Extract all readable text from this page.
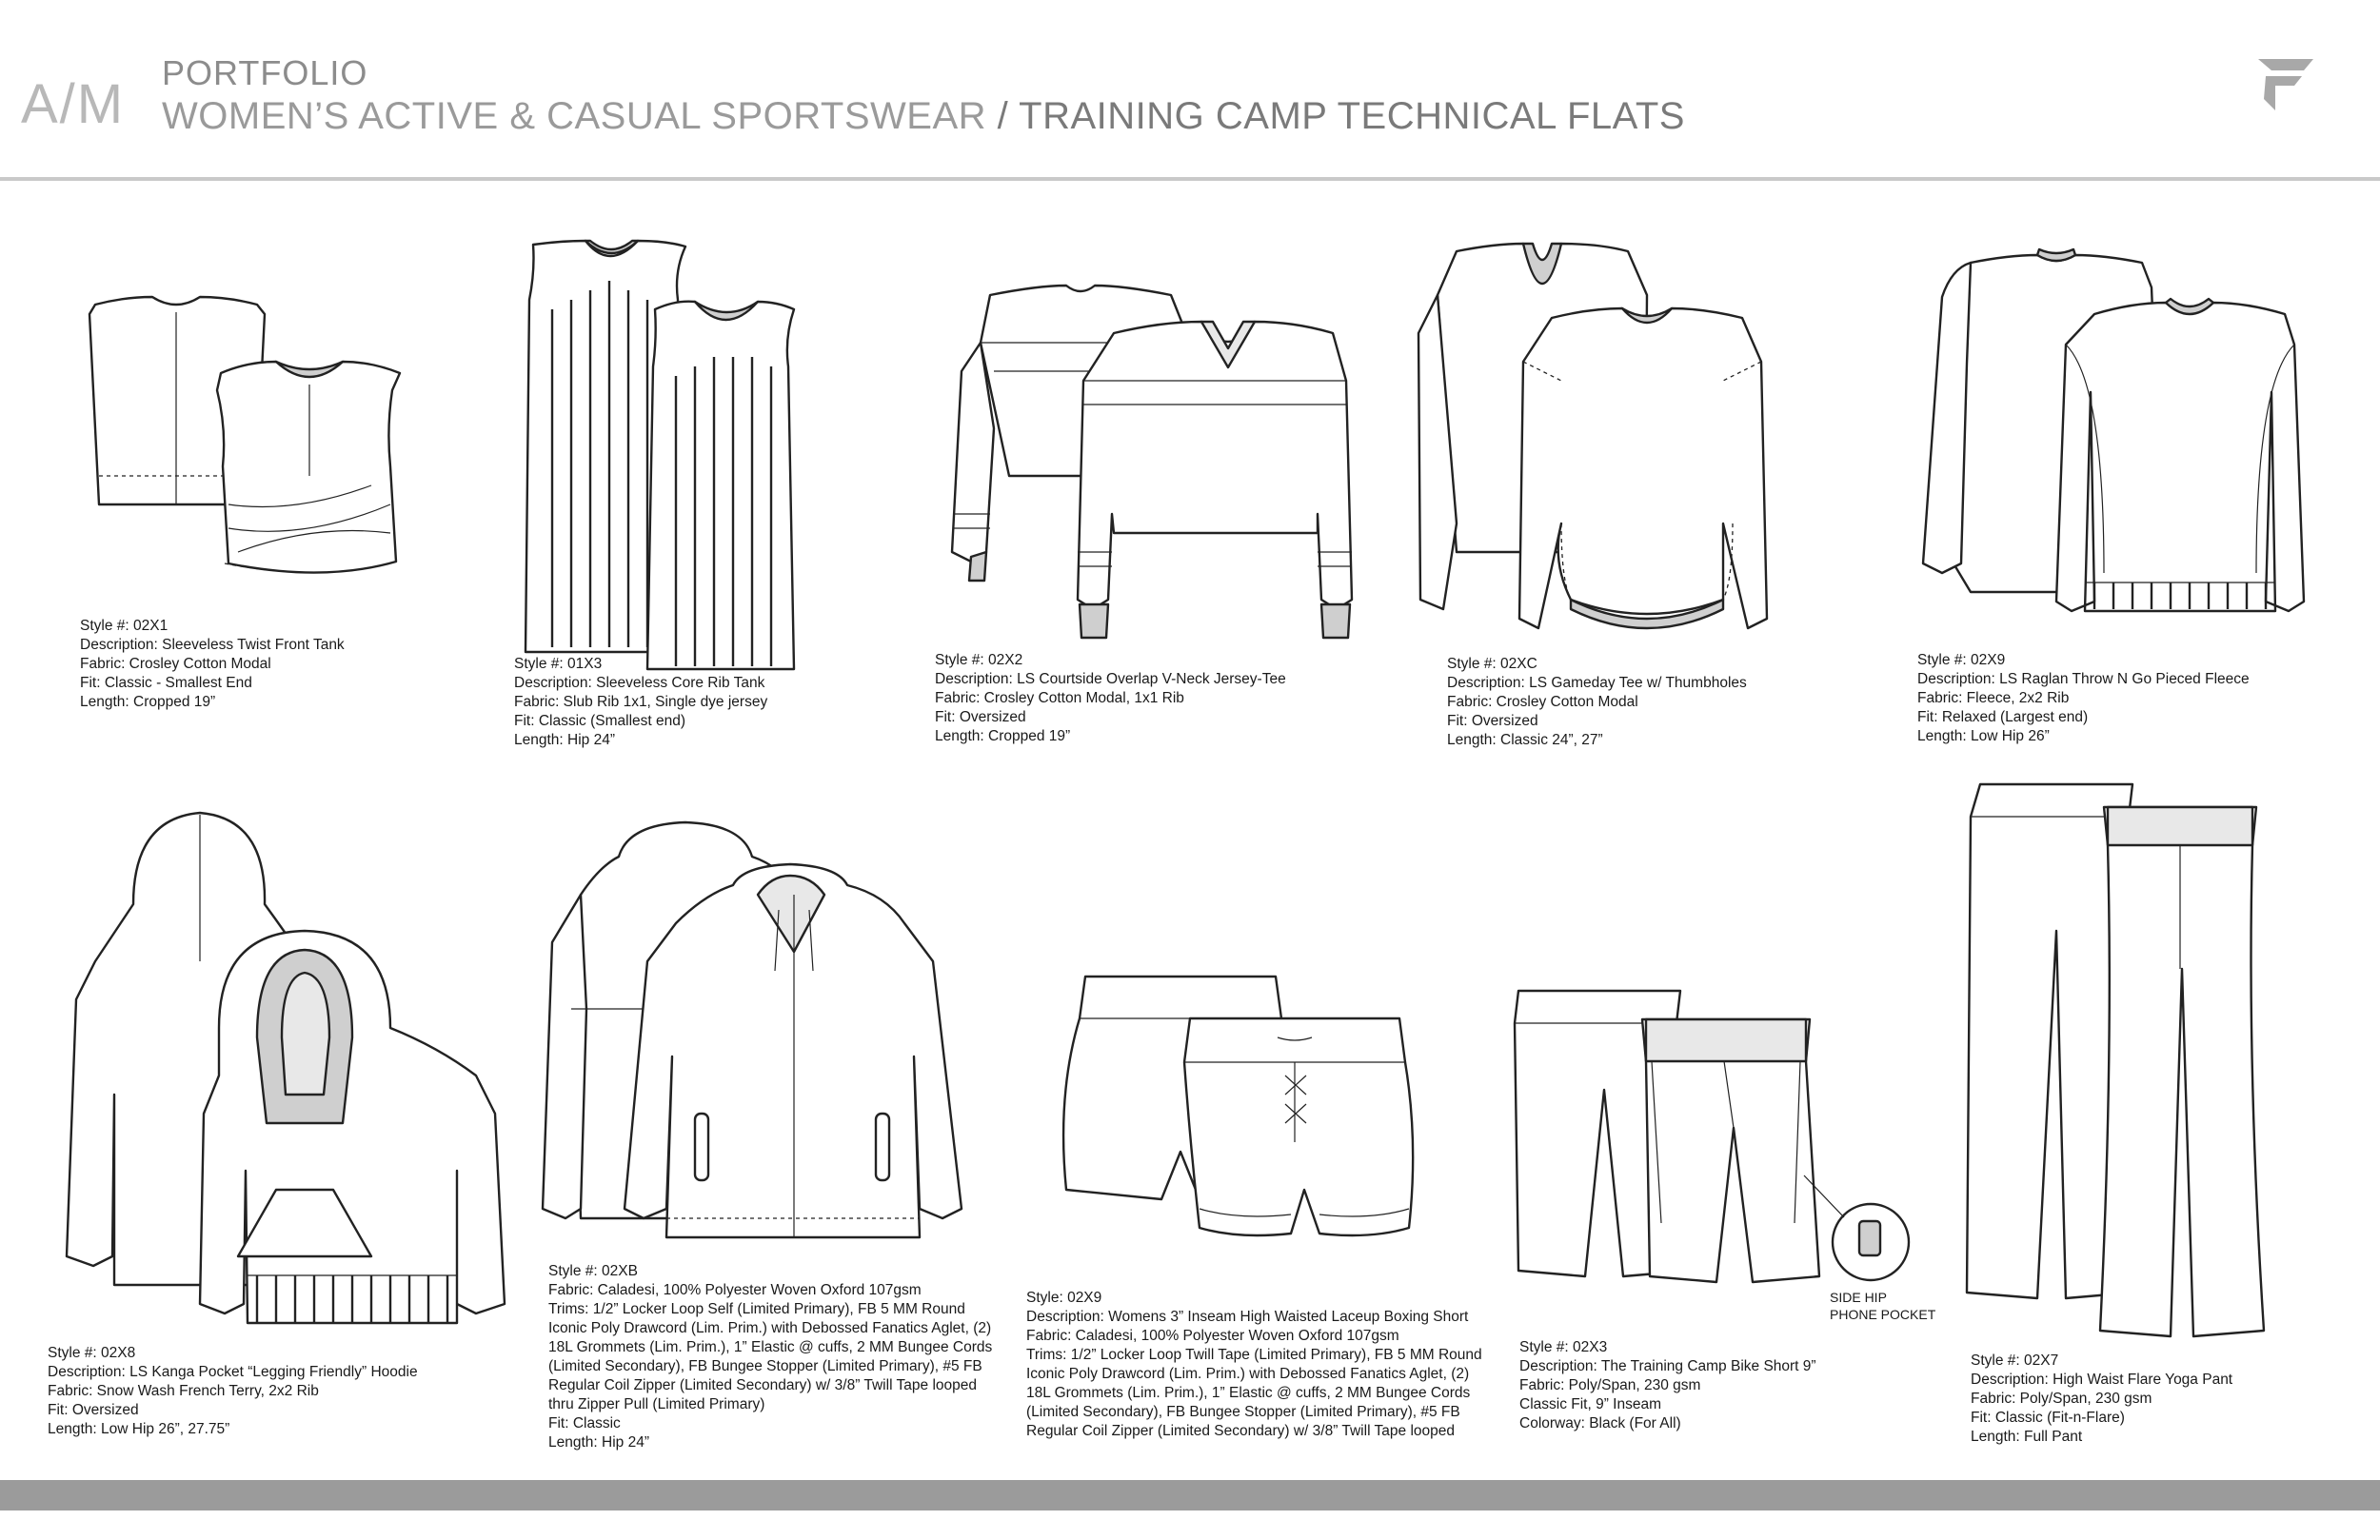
A/M
PORTFOLIO
WOMEN’S ACTIVE & CASUAL SPORTSWEAR / TRAINING CAMP TECHNICAL FLATS
Style #: 02X1
Description: Sleeveless Twist Front Tank
Fabric: Crosley Cotton Modal
Fit: Classic - Smallest End
Length: Cropped 19”
Style #: 01X3
Description: Sleeveless Core Rib Tank
Fabric: Slub Rib 1x1, Single dye jersey
Fit: Classic (Smallest end)
Length: Hip 24”
Style #: 02X2
Description: LS Courtside Overlap V-Neck Jersey-Tee
Fabric: Crosley Cotton Modal, 1x1 Rib
Fit: Oversized
Length: Cropped 19”
Style #: 02XC
Description: LS Gameday Tee w/ Thumbholes
Fabric: Crosley Cotton Modal
Fit: Oversized
Length: Classic 24”, 27”
Style #: 02X9
Description: LS Raglan Throw N Go Pieced Fleece
Fabric: Fleece, 2x2 Rib
Fit: Relaxed (Largest end)
Length: Low Hip 26”
SIDE HIP
PHONE POCKET
Style #: 02X8
Description: LS Kanga Pocket “Legging Friendly” Hoodie
Fabric: Snow Wash French Terry, 2x2 Rib
Fit: Oversized
Length: Low Hip 26”, 27.75”
Style #: 02XB
Fabric: Caladesi, 100% Polyester Woven Oxford 107gsm
Trims: 1/2” Locker Loop Self (Limited Primary), FB 5 MM Round
Iconic Poly Drawcord (Lim. Prim.) with Debossed Fanatics Aglet, (2)
18L Grommets (Lim. Prim.), 1” Elastic @ cuffs, 2 MM Bungee Cords
(Limited Secondary), FB Bungee Stopper (Limited Primary), #5 FB
Regular Coil Zipper (Limited Secondary) w/ 3/8” Twill Tape looped
thru Zipper Pull (Limited Primary)
Fit: Classic
Length: Hip 24”
Style: 02X9
Description: Womens 3” Inseam High Waisted Laceup Boxing Short
Fabric: Caladesi, 100% Polyester Woven Oxford 107gsm
Trims: 1/2” Locker Loop Twill Tape (Limited Primary), FB 5 MM Round
Iconic Poly Drawcord (Lim. Prim.) with Debossed Fanatics Aglet, (2)
18L Grommets (Lim. Prim.), 1” Elastic @ cuffs, 2 MM Bungee Cords
(Limited Secondary), FB Bungee Stopper (Limited Primary), #5 FB
Regular Coil Zipper (Limited Secondary) w/ 3/8” Twill Tape looped
Style #: 02X3
Description: The Training Camp Bike Short 9”
Fabric: Poly/Span, 230 gsm
Classic Fit, 9” Inseam
Colorway: Black (For All)
Style #: 02X7
Description: High Waist Flare Yoga Pant
Fabric: Poly/Span, 230 gsm
Fit: Classic (Fit-n-Flare)
Length: Full Pant
